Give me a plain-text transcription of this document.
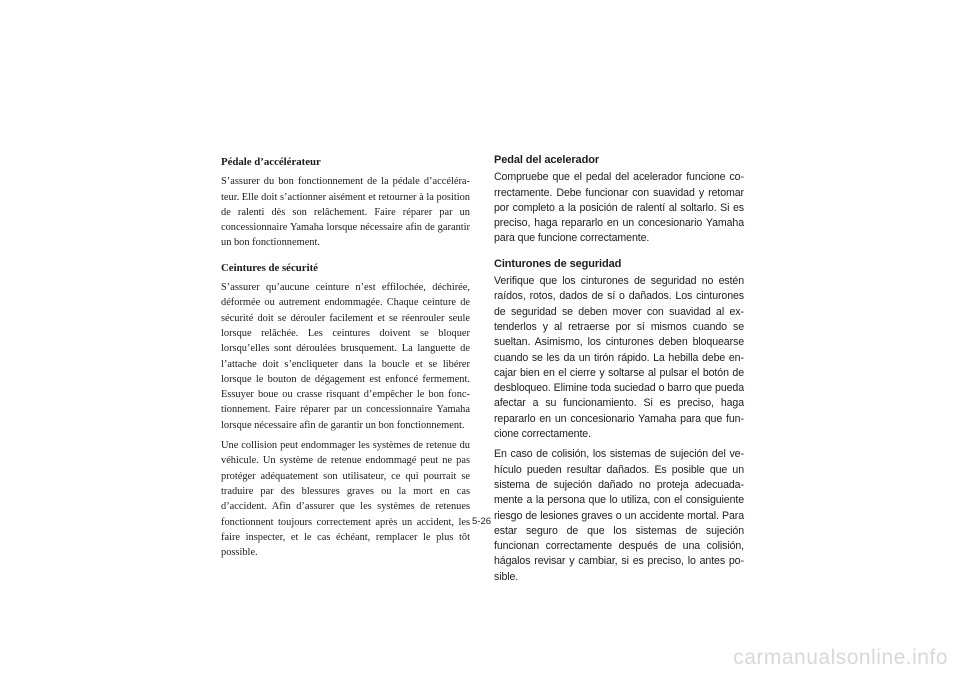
Pédale d’accélérateur

S’assurer du bon fonctionnement de la pédale d’accélérateur. Elle doit s’actionner aisément et retourner à la position de ralenti dès son relâchement. Faire réparer par un concessionnaire Yamaha lorsque nécessaire afin de garantir un bon fonctionnement.

Ceintures de sécurité

S’assurer qu’aucune ceinture n’est effilochée, déchirée, déformée ou autrement endommagée. Chaque ceinture de sécurité doit se dérouler facilement et se réenrouler seule lorsque relâchée. Les ceintures doivent se bloquer lorsqu’elles sont déroulées brusquement. La languette de l’attache doit s’encliqueter dans la boucle et se libérer lorsque le bouton de dégagement est enfoncé fermement. Essuyer boue ou crasse risquant d’empêcher le bon fonctionnement. Faire réparer par un concessionnaire Yamaha lorsque nécessaire afin de garantir un bon fonctionnement.

Une collision peut endommager les systèmes de retenue du véhicule. Un système de retenue endommagé peut ne pas protéger adéquatement son utilisateur, ce qui pourrait se traduire par des blessures graves ou la mort en cas d’accident. Afin d’assurer que les systèmes de retenues fonctionnent toujours correctement après un accident, les faire inspecter, et le cas échéant, remplacer le plus tôt possible.

Pedal del acelerador

Compruebe que el pedal del acelerador funcione correctamente. Debe funcionar con suavidad y retomar por completo a la posición de ralentí al soltarlo. Si es preciso, haga repararlo en un concesionario Yamaha para que funcione correctamente.

Cinturones de seguridad

Verifique que los cinturones de seguridad no estén raídos, rotos, dados de sí o dañados. Los cinturones de seguridad se deben mover con suavidad al extenderlos y al retraerse por sí mismos cuando se sueltan. Asimismo, los cinturones deben bloquearse cuando se les da un tirón rápido. La hebilla debe encajar bien en el cierre y soltarse al pulsar el botón de desbloqueo. Elimine toda suciedad o barro que pueda afectar a su funcionamiento. Si es preciso, haga repararlo en un concesionario Yamaha para que funcione correctamente.

En caso de colisión, los sistemas de sujeción del vehículo pueden resultar dañados. Es posible que un sistema de sujeción dañado no proteja adecuadamente a la persona que lo utiliza, con el consiguiente riesgo de lesiones graves o un accidente mortal. Para estar seguro de que los sistemas de sujeción funcionan correctamente después de una colisión, hágalos revisar y cambiar, si es preciso, lo antes posible.

5-26
carmanualsonline.info
